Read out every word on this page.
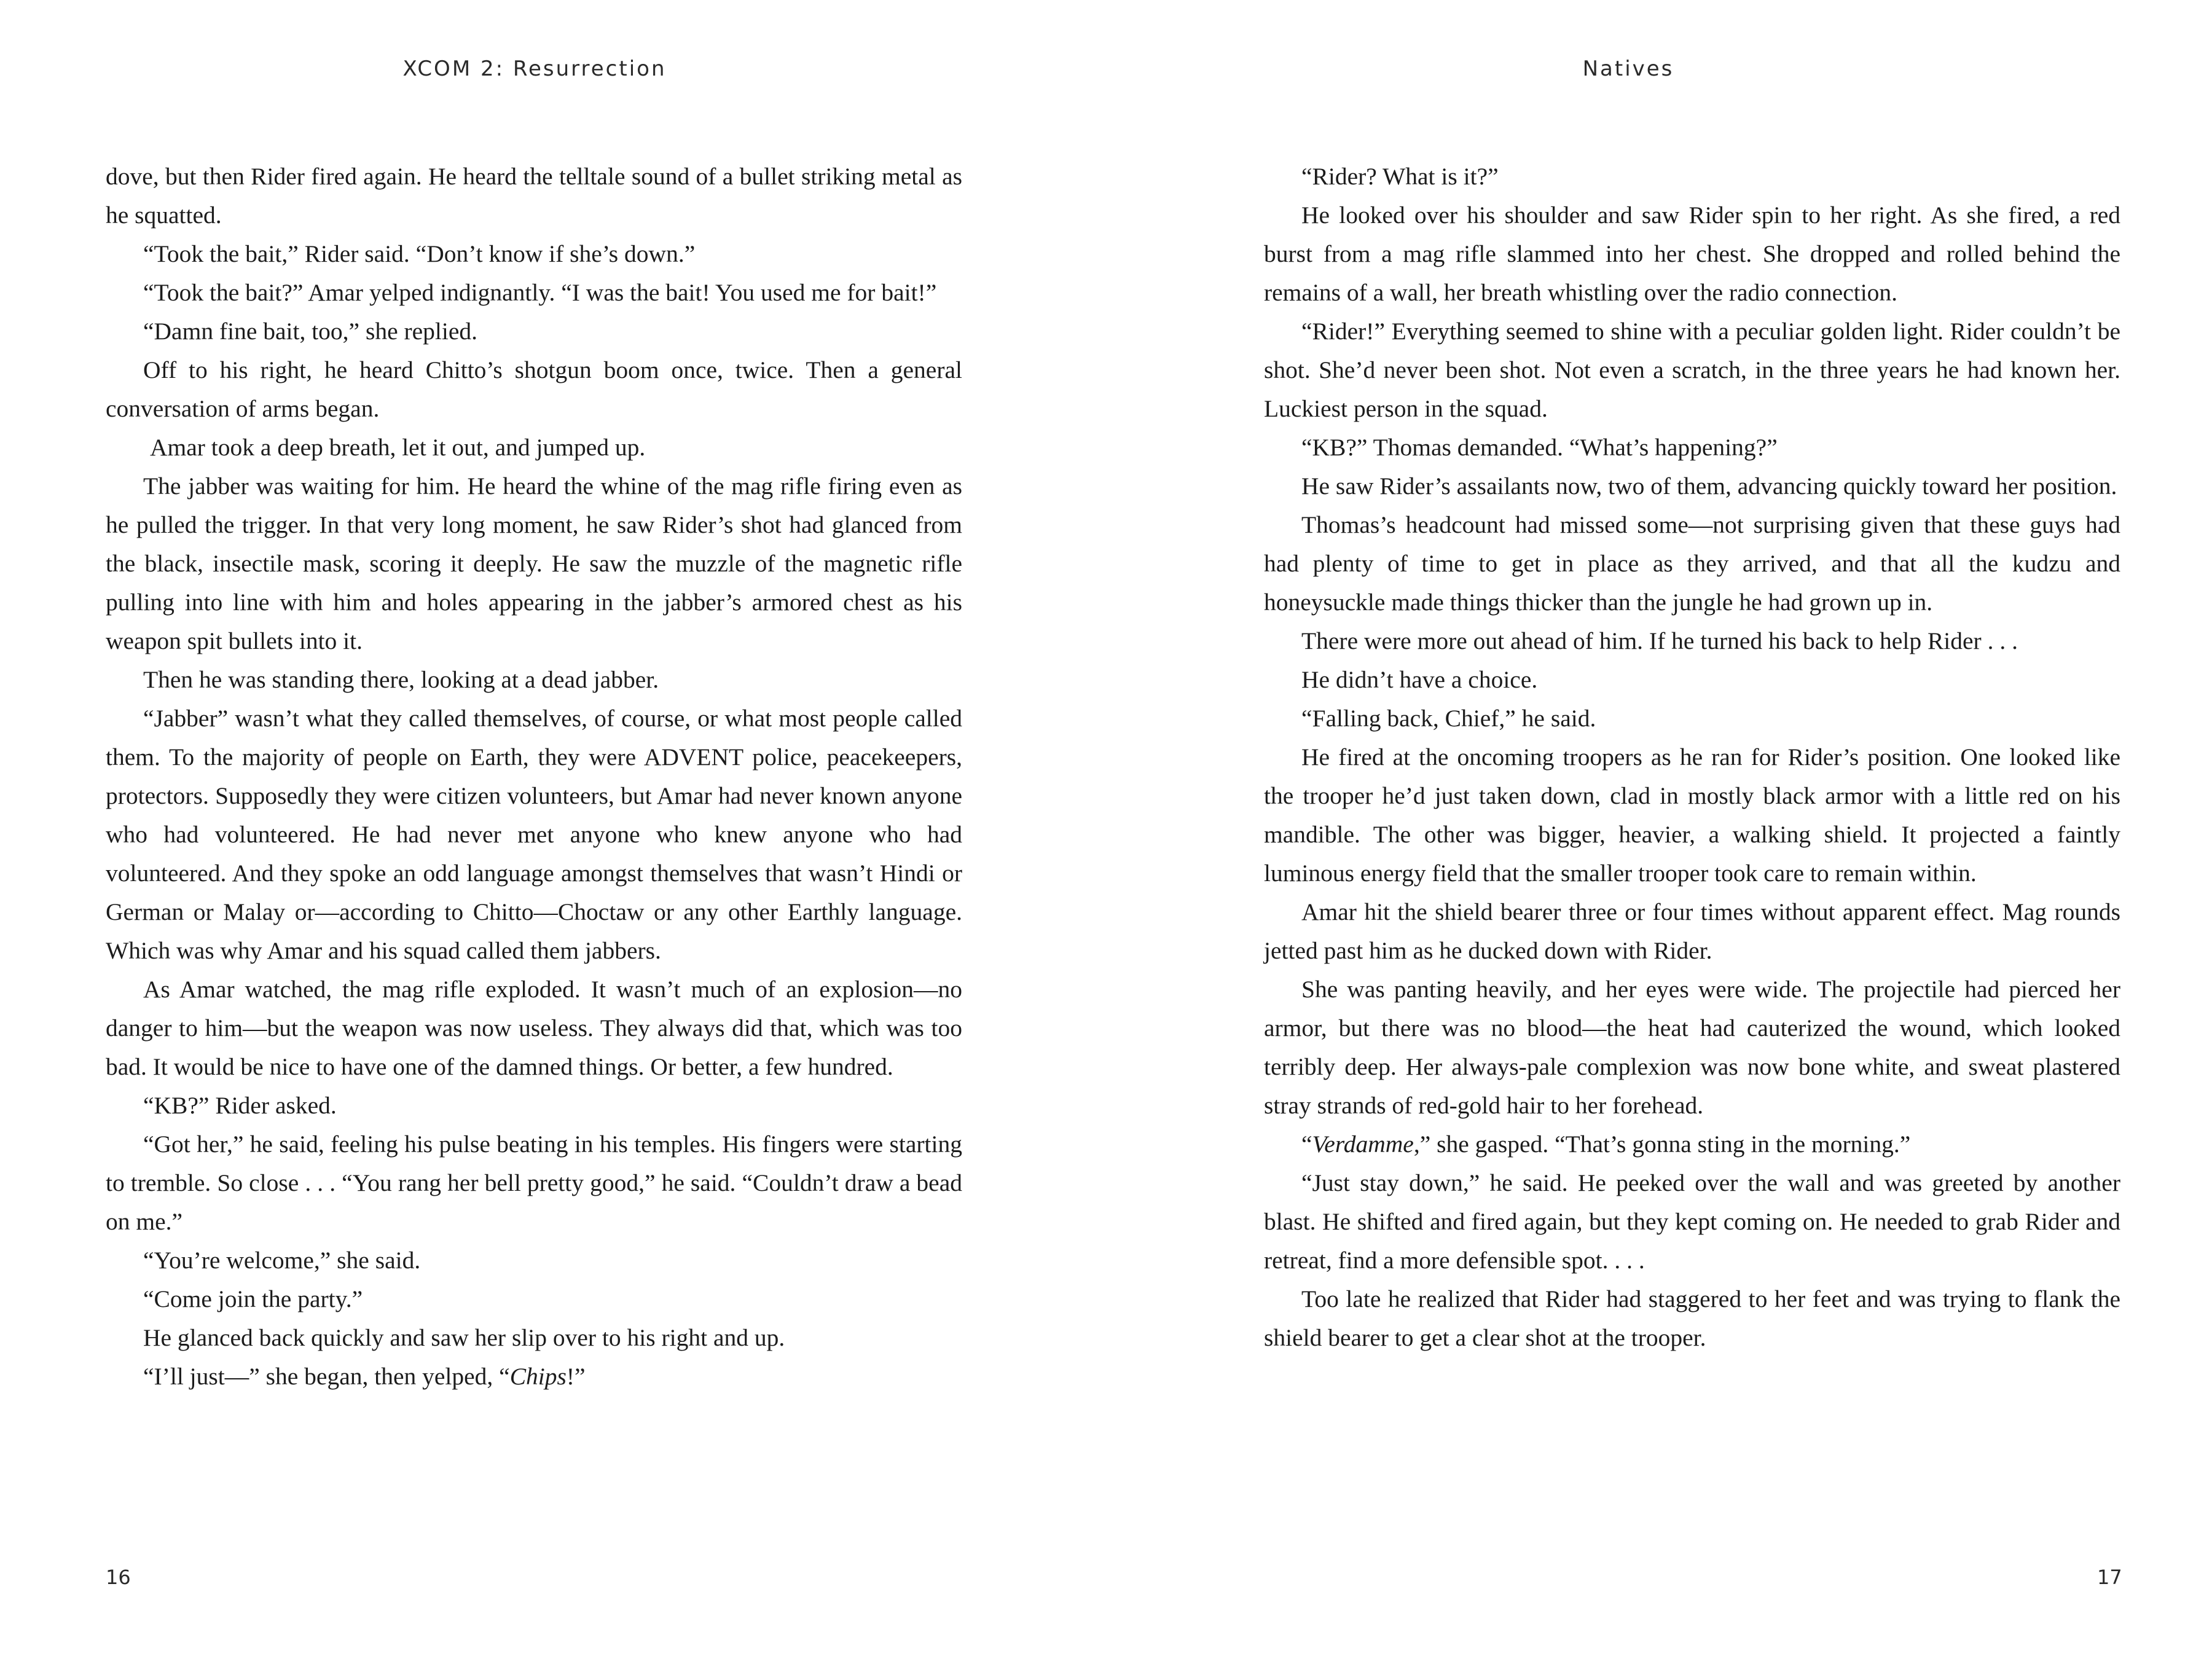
XCOM 2: Resurrection

dove, but then Rider fired again. He heard the telltale sound of a bullet striking metal as he squatted.

“Took the bait,” Rider said. “Don’t know if she’s down.”

“Took the bait?” Amar yelped indignantly. “I was the bait! You used me for bait!”

“Damn fine bait, too,” she replied.

Off to his right, he heard Chitto’s shotgun boom once, twice. Then a general conversation of arms began.

Amar took a deep breath, let it out, and jumped up.

The jabber was waiting for him. He heard the whine of the mag rifle firing even as he pulled the trigger. In that very long moment, he saw Rider’s shot had glanced from the black, insectile mask, scoring it deeply. He saw the muzzle of the magnetic rifle pulling into line with him and holes appearing in the jabber’s armored chest as his weapon spit bullets into it.

Then he was standing there, looking at a dead jabber.

“Jabber” wasn’t what they called themselves, of course, or what most people called them. To the majority of people on Earth, they were ADVENT police, peacekeepers, protectors. Supposedly they were citizen volunteers, but Amar had never known anyone who had volunteered. He had never met anyone who knew anyone who had volunteered. And they spoke an odd language amongst themselves that wasn’t Hindi or German or Malay or—according to Chitto—Choctaw or any other Earthly language. Which was why Amar and his squad called them jabbers.

As Amar watched, the mag rifle exploded. It wasn’t much of an explosion—no danger to him—but the weapon was now useless. They always did that, which was too bad. It would be nice to have one of the damned things. Or better, a few hundred.

“KB?” Rider asked.

“Got her,” he said, feeling his pulse beating in his temples. His fingers were starting to tremble. So close . . . “You rang her bell pretty good,” he said. “Couldn’t draw a bead on me.”

“You’re welcome,” she said.

“Come join the party.”

He glanced back quickly and saw her slip over to his right and up.

“I’ll just—” she began, then yelped, “Chips!”

16
Natives

“Rider? What is it?”

He looked over his shoulder and saw Rider spin to her right. As she fired, a red burst from a mag rifle slammed into her chest. She dropped and rolled behind the remains of a wall, her breath whistling over the radio connection.

“Rider!” Everything seemed to shine with a peculiar golden light. Rider couldn’t be shot. She’d never been shot. Not even a scratch, in the three years he had known her. Luckiest person in the squad.

“KB?” Thomas demanded. “What’s happening?”

He saw Rider’s assailants now, two of them, advancing quickly toward her position.

Thomas’s headcount had missed some—not surprising given that these guys had had plenty of time to get in place as they arrived, and that all the kudzu and honeysuckle made things thicker than the jungle he had grown up in.

There were more out ahead of him. If he turned his back to help Rider . . .

He didn’t have a choice.

“Falling back, Chief,” he said.

He fired at the oncoming troopers as he ran for Rider’s position. One looked like the trooper he’d just taken down, clad in mostly black armor with a little red on his mandible. The other was bigger, heavier, a walking shield. It projected a faintly luminous energy field that the smaller trooper took care to remain within.

Amar hit the shield bearer three or four times without apparent effect. Mag rounds jetted past him as he ducked down with Rider.

She was panting heavily, and her eyes were wide. The projectile had pierced her armor, but there was no blood—the heat had cauterized the wound, which looked terribly deep. Her always-pale complexion was now bone white, and sweat plastered stray strands of red-gold hair to her forehead.

“Verdamme,” she gasped. “That’s gonna sting in the morning.”

“Just stay down,” he said. He peeked over the wall and was greeted by another blast. He shifted and fired again, but they kept coming on. He needed to grab Rider and retreat, find a more defensible spot. . . .

Too late he realized that Rider had staggered to her feet and was trying to flank the shield bearer to get a clear shot at the trooper.

17
